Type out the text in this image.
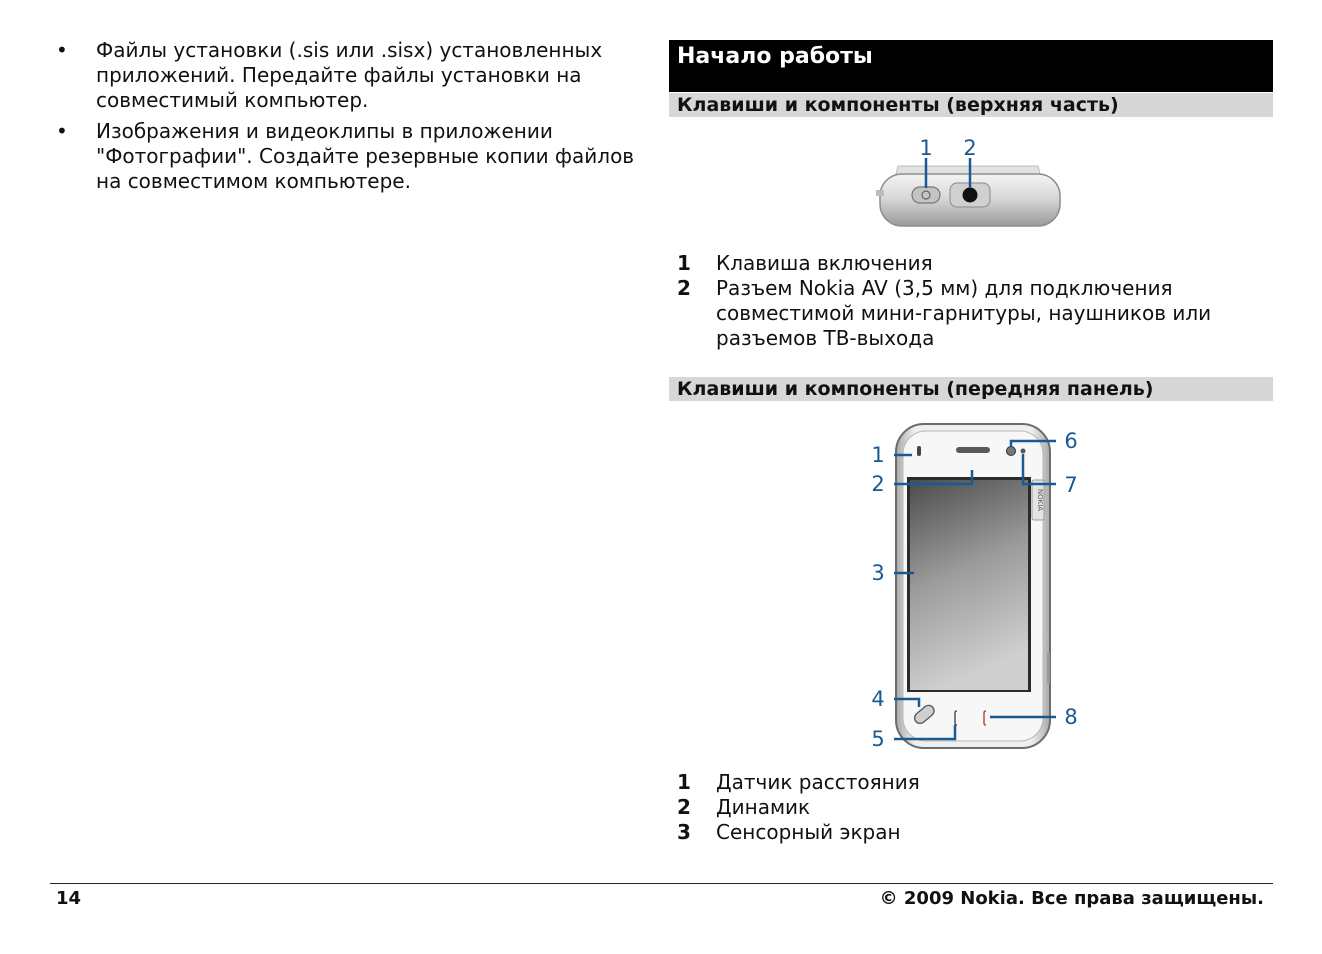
•	Файлы установки (.sis или .sisx) установленных приложений. Передайте файлы установки на совместимый компьютер.
•	Изображения и видеоклипы в приложении "Фотографии". Создайте резервные копии файлов на совместимом компьютере.
Начало работы
Клавиши и компоненты (верхняя часть)
1 2
1	Клавиша включения
2	Разъем Nokia AV (3,5 мм) для подключения совместимой мини-гарнитуры, наушников или разъемов ТВ-выхода
Клавиши и компоненты (передняя панель)
NOKIA
1
2
3
4
5
6
7
8
1	Датчик расстояния
2	Динамик
3	Сенсорный экран
14	© 2009 Nokia. Все права защищены.
